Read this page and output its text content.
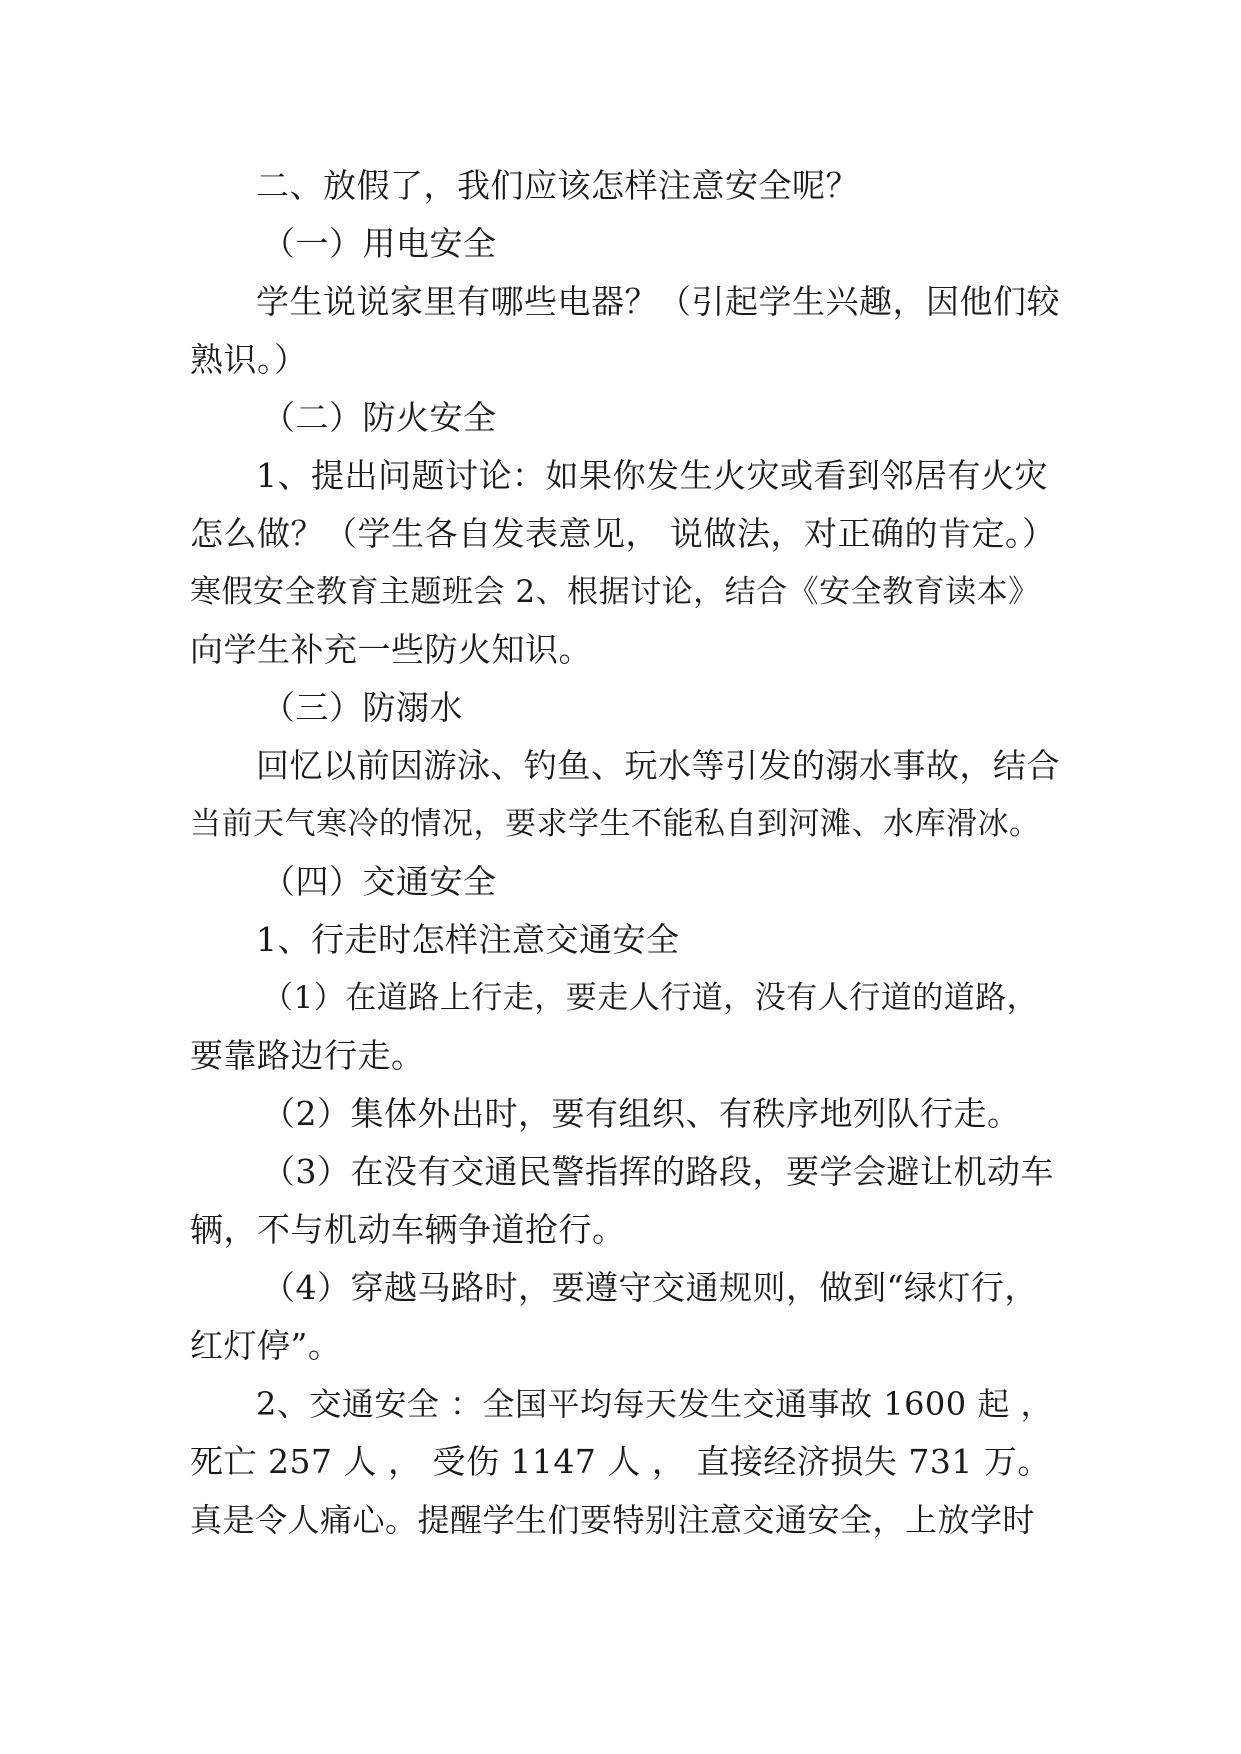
二、放假了，我们应该怎样注意安全呢？
（一）用电安全
学生说说家里有哪些电器？（引起学生兴趣，因他们较
熟识。）
（二）防火安全
1、提出问题讨论：如果你发生火灾或看到邻居有火灾
怎么做？（学生各自发表意见， 说做法，对正确的肯定。）
寒假安全教育主题班会 2、根据讨论，结合《安全教育读本》
向学生补充一些防火知识。
（三）防溺水
回忆以前因游泳、钓鱼、玩水等引发的溺水事故，结合
当前天气寒冷的情况，要求学生不能私自到河滩、水库滑冰。
（四）交通安全
1、行走时怎样注意交通安全
（1）在道路上行走，要走人行道，没有人行道的道路，
要靠路边行走。
（2）集体外出时，要有组织、有秩序地列队行走。
（3）在没有交通民警指挥的路段，要学会避让机动车
辆，不与机动车辆争道抢行。
（4）穿越马路时，要遵守交通规则，做到“绿灯行，
红灯停”。
2、交通安全 ：全国平均每天发生交通事故 1600 起 ，
死亡 257 人 ， 受伤 1147 人 ， 直接经济损失 731 万。
真是令人痛心。提醒学生们要特别注意交通安全，上放学时
